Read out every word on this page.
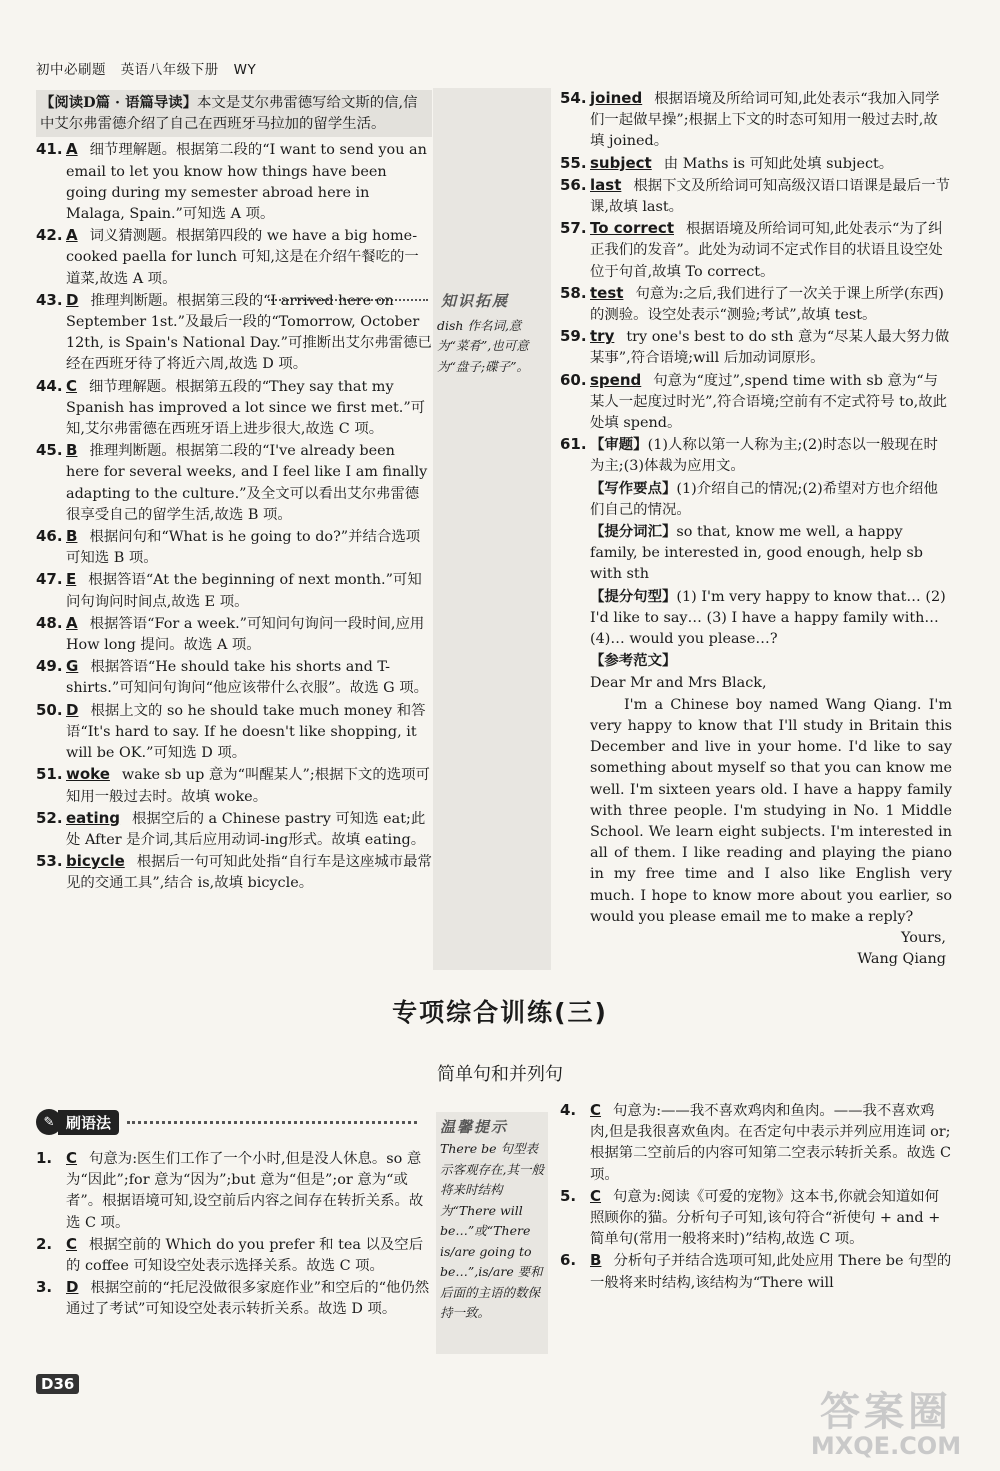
初中必刷题 英语八年级下册 WY
知识拓展
dish 作名词,意为“菜肴”,也可意为“盘子;碟子”。
【阅读D篇 · 语篇导读】本文是艾尔弗雷德写给文斯的信,信中艾尔弗雷德介绍了自己在西班牙马拉加的留学生活。
41. A 细节理解题。根据第二段的“I want to send you an email to let you know how things have been going during my semester abroad here in Malaga, Spain.”可知选 A 项。
42. A 词义猜测题。根据第四段的 we have a big home-cooked paella for lunch 可知,这是在介绍午餐吃的一道菜,故选 A 项。
43. D 推理判断题。根据第三段的“I arrived here on September 1st.”及最后一段的“Tomorrow, October 12th, is Spain's National Day.”可推断出艾尔弗雷德已经在西班牙待了将近六周,故选 D 项。
44. C 细节理解题。根据第五段的“They say that my Spanish has improved a lot since we first met.”可知,艾尔弗雷德在西班牙语上进步很大,故选 C 项。
45. B 推理判断题。根据第二段的“I've already been here for several weeks, and I feel like I am finally adapting to the culture.”及全文可以看出艾尔弗雷德很享受自己的留学生活,故选 B 项。
46. B 根据问句和“What is he going to do?”并结合选项可知选 B 项。
47. E 根据答语“At the beginning of next month.”可知问句询问时间点,故选 E 项。
48. A 根据答语“For a week.”可知问句询问一段时间,应用 How long 提问。故选 A 项。
49. G 根据答语“He should take his shorts and T-shirts.”可知问句询问“他应该带什么衣服”。故选 G 项。
50. D 根据上文的 so he should take much money 和答语“It's hard to say. If he doesn't like shopping, it will be OK.”可知选 D 项。
51. woke wake sb up 意为“叫醒某人”;根据下文的选项可知用一般过去时。故填 woke。
52. eating 根据空后的 a Chinese pastry 可知选 eat;此处 After 是介词,其后应用动词-ing形式。故填 eating。
53. bicycle 根据后一句可知此处指“自行车是这座城市最常见的交通工具”,结合 is,故填 bicycle。
54. joined 根据语境及所给词可知,此处表示“我加入同学们一起做早操”;根据上下文的时态可知用一般过去时,故填 joined。
55. subject 由 Maths is 可知此处填 subject。
56. last 根据下文及所给词可知高级汉语口语课是最后一节课,故填 last。
57. To correct 根据语境及所给词可知,此处表示“为了纠正我们的发音”。此处为动词不定式作目的状语且设空处位于句首,故填 To correct。
58. test 句意为:之后,我们进行了一次关于课上所学(东西)的测验。设空处表示“测验;考试”,故填 test。
59. try try one's best to do sth 意为“尽某人最大努力做某事”,符合语境;will 后加动词原形。
60. spend 句意为“度过”,spend time with sb 意为“与某人一起度过时光”,符合语境;空前有不定式符号 to,故此处填 spend。
61. 【审题】(1)人称以第一人称为主;(2)时态以一般现在时为主;(3)体裁为应用文。
【写作要点】(1)介绍自己的情况;(2)希望对方也介绍他们自己的情况。
【提分词汇】so that, know me well, a happy family, be interested in, good enough, help sb with sth
【提分句型】(1) I'm very happy to know that… (2) I'd like to say… (3) I have a happy family with… (4)… would you please…?
【参考范文】

Dear Mr and Mrs Black,

I'm a Chinese boy named Wang Qiang. I'm very happy to know that I'll study in Britain this December and live in your home. I'd like to say something about myself so that you can know me well. I'm sixteen years old. I have a happy family with three people. I'm studying in No. 1 Middle School. We learn eight subjects. I'm interested in all of them. I like reading and playing the piano in my free time and I also like English very much. I hope to know more about you earlier, so would you please email me to make a reply?

Yours,
Wang Qiang
专项综合训练(三)
简单句和并列句
✎ 刷语法
1. C 句意为:医生们工作了一个小时,但是没人休息。so 意为“因此”;for 意为“因为”;but 意为“但是”;or 意为“或者”。根据语境可知,设空前后内容之间存在转折关系。故选 C 项。
2. C 根据空前的 Which do you prefer 和 tea 以及空后的 coffee 可知设空处表示选择关系。故选 C 项。
3. D 根据空前的“托尼没做很多家庭作业”和空后的“他仍然通过了考试”可知设空处表示转折关系。故选 D 项。
温馨提示
There be 句型表示客观存在,其一般将来时结构为“There will be…”或“There is/are going to be…”,is/are 要和后面的主语的数保持一致。
4. C 句意为:——我不喜欢鸡肉和鱼肉。——我不喜欢鸡肉,但是我很喜欢鱼肉。在否定句中表示并列应用连词 or;根据第二空前后的内容可知第二空表示转折关系。故选 C 项。
5. C 句意为:阅读《可爱的宠物》这本书,你就会知道如何照顾你的猫。分析句子可知,该句符合“祈使句 + and + 简单句(常用一般将来时)”结构,故选 C 项。
6. B 分析句子并结合选项可知,此处应用 There be 句型的一般将来时结构,该结构为“There will
D36
答案圈
MXQE.COM
